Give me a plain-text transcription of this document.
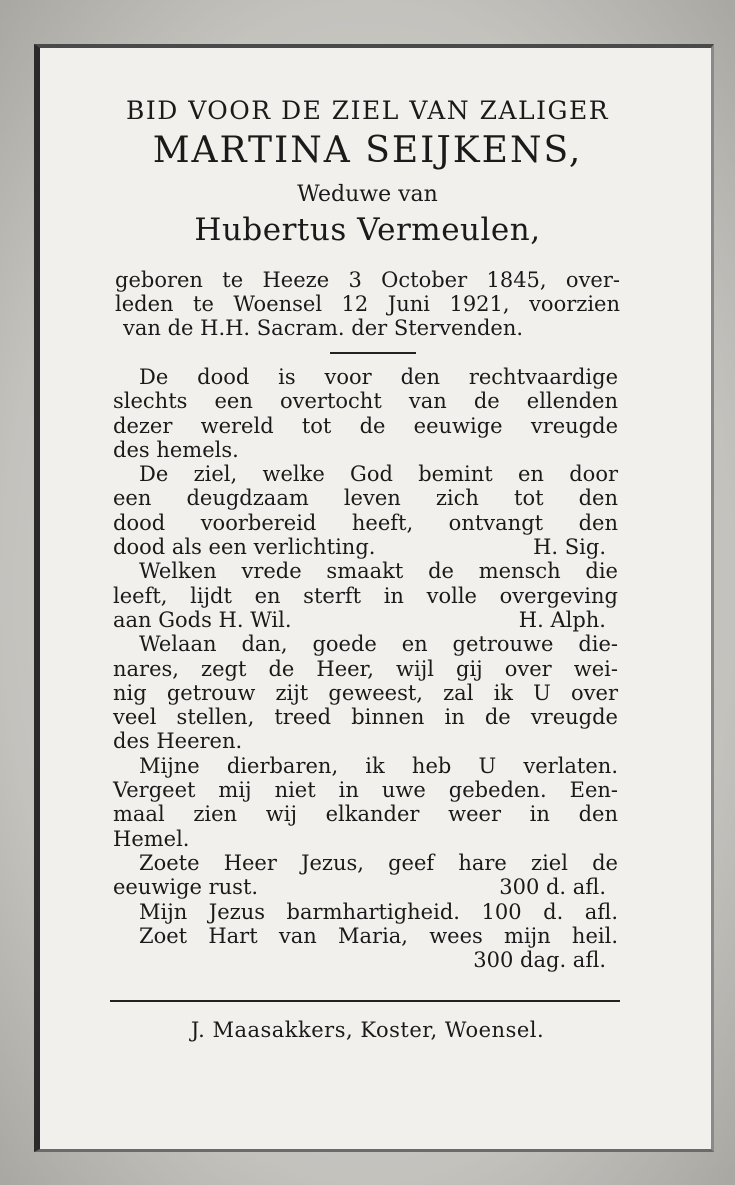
BID VOOR DE ZIEL VAN ZALIGER
MARTINA SEIJKENS,
Weduwe van
Hubertus Vermeulen,
geboren te Heeze 3 October 1845, over-
leden te Woensel 12 Juni 1921, voorzien
van de H.H. Sacram. der Stervenden.
De dood is voor den rechtvaardige
slechts een overtocht van de ellenden
dezer wereld tot de eeuwige vreugde
des hemels.
De ziel, welke God bemint en door
een deugdzaam leven zich tot den
dood voorbereid heeft, ontvangt den
dood als een verlichting.	H. Sig.
Welken vrede smaakt de mensch die
leeft, lijdt en sterft in volle overgeving
aan Gods H. Wil.	H. Alph.
Welaan dan, goede en getrouwe die-
nares, zegt de Heer, wijl gij over wei-
nig getrouw zijt geweest, zal ik U over
veel stellen, treed binnen in de vreugde
des Heeren.
Mijne dierbaren, ik heb U verlaten.
Vergeet mij niet in uwe gebeden. Een-
maal zien wij elkander weer in den
Hemel.
Zoete Heer Jezus, geef hare ziel de
eeuwige rust.	300 d. afl.
Mijn Jezus barmhartigheid. 100 d. afl.
Zoet Hart van Maria, wees mijn heil.
300 dag. afl.
J. Maasakkers, Koster, Woensel.
